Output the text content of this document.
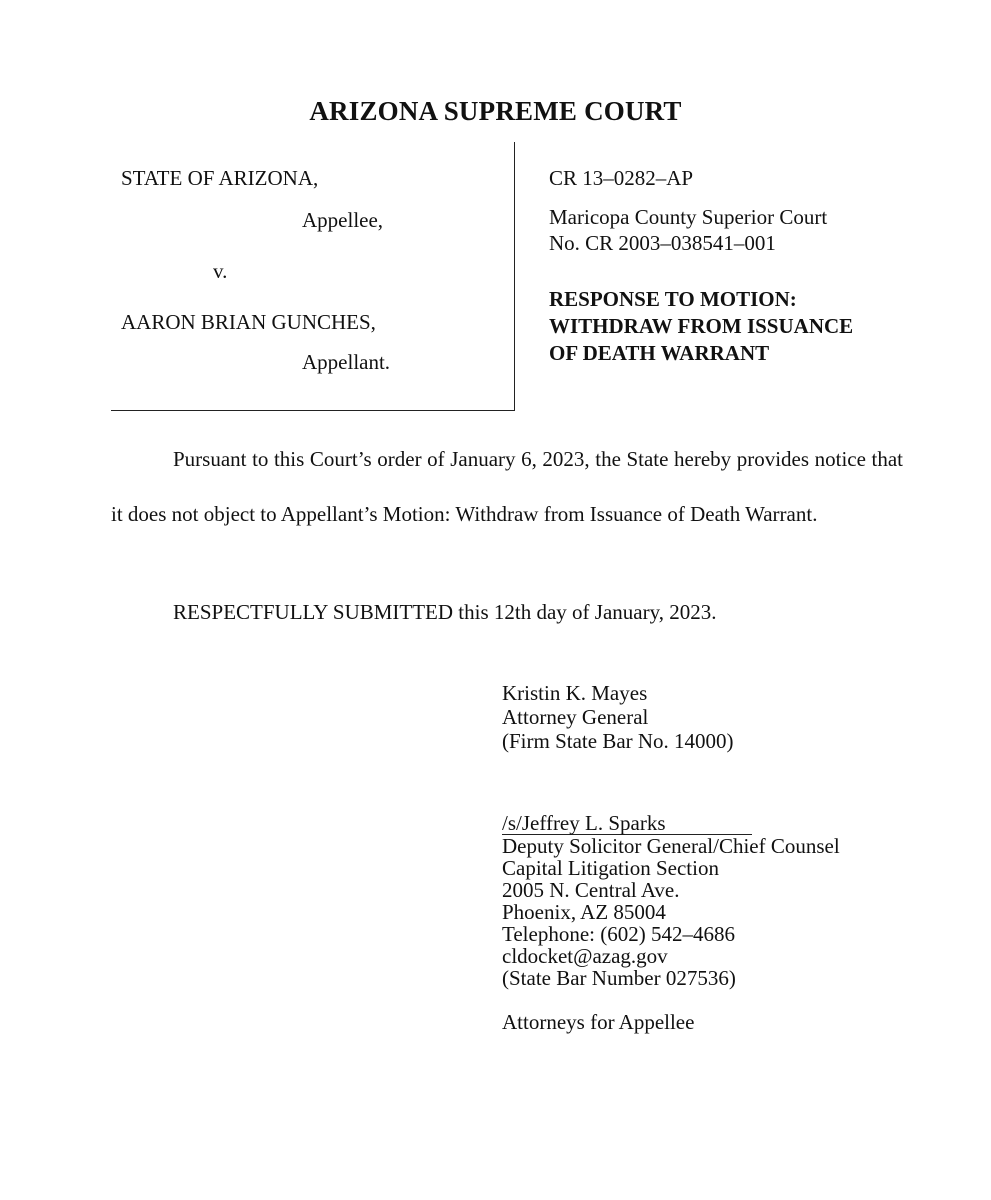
ARIZONA SUPREME COURT
STATE OF ARIZONA,
Appellee,
v.
AARON BRIAN GUNCHES,
Appellant.
CR 13–0282–AP
Maricopa County Superior Court
No. CR 2003–038541–001
RESPONSE TO MOTION:
WITHDRAW FROM ISSUANCE
OF DEATH WARRANT
Pursuant to this Court’s order of January 6, 2023, the State hereby provides notice that it does not object to Appellant’s Motion: Withdraw from Issuance of Death Warrant.
RESPECTFULLY SUBMITTED this 12th day of January, 2023.
Kristin K. Mayes
Attorney General
(Firm State Bar No. 14000)
/s/Jeffrey L. Sparks
Deputy Solicitor General/Chief Counsel
Capital Litigation Section
2005 N. Central Ave.
Phoenix, AZ 85004
Telephone: (602) 542–4686
cldocket@azag.gov
(State Bar Number 027536)
Attorneys for Appellee
